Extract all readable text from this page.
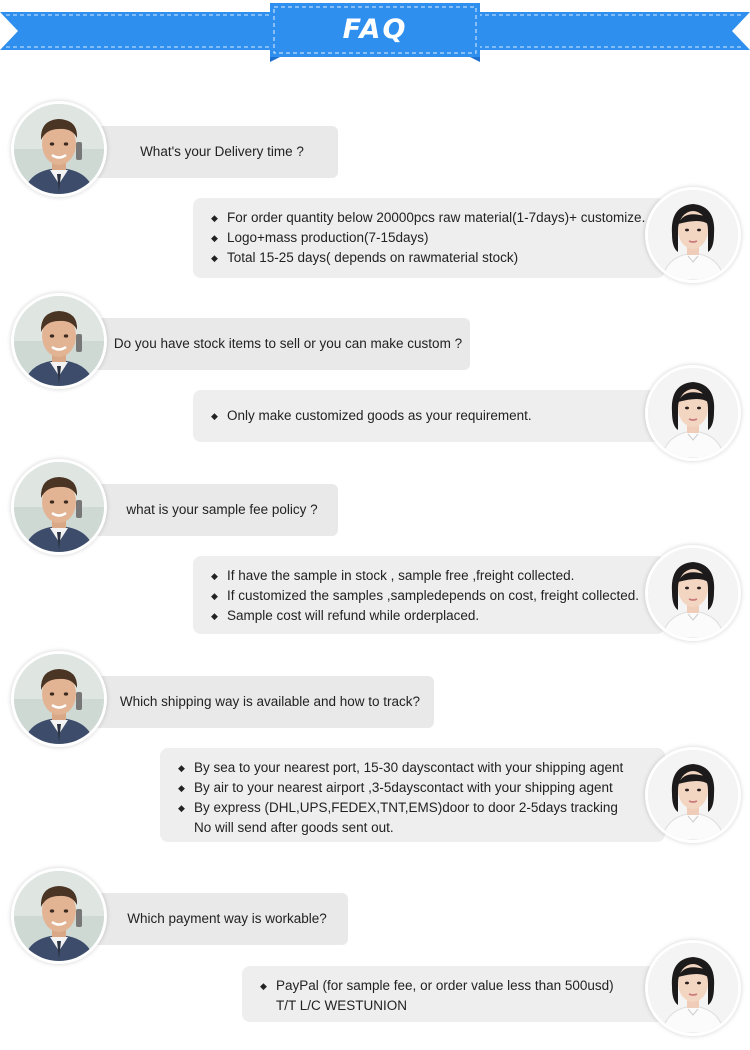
FAQ
What's your Delivery time ?
◆ For order quantity below 20000pcs raw material(1-7days)+ customize.
◆ Logo+mass production(7-15days)
◆ Total 15-25 days( depends on rawmaterial stock)
Do you have stock items to sell or you can make custom ?
◆ Only make customized goods as your requirement.
what is your sample fee policy ?
◆ If have the sample in stock , sample free ,freight collected.
◆ If customized the samples ,sampledepends on cost, freight collected.
◆ Sample cost will refund while orderplaced.
Which shipping way is available and how to track?
◆ By sea to your nearest port, 15-30 dayscontact with your shipping agent
◆ By air to your nearest airport ,3-5dayscontact with your shipping agent
◆ By express (DHL,UPS,FEDEX,TNT,EMS)door to door 2-5days tracking
No will send after goods sent out.
Which payment way is workable?
◆ PayPal (for sample fee, or order value less than 500usd)
T/T L/C WESTUNION
